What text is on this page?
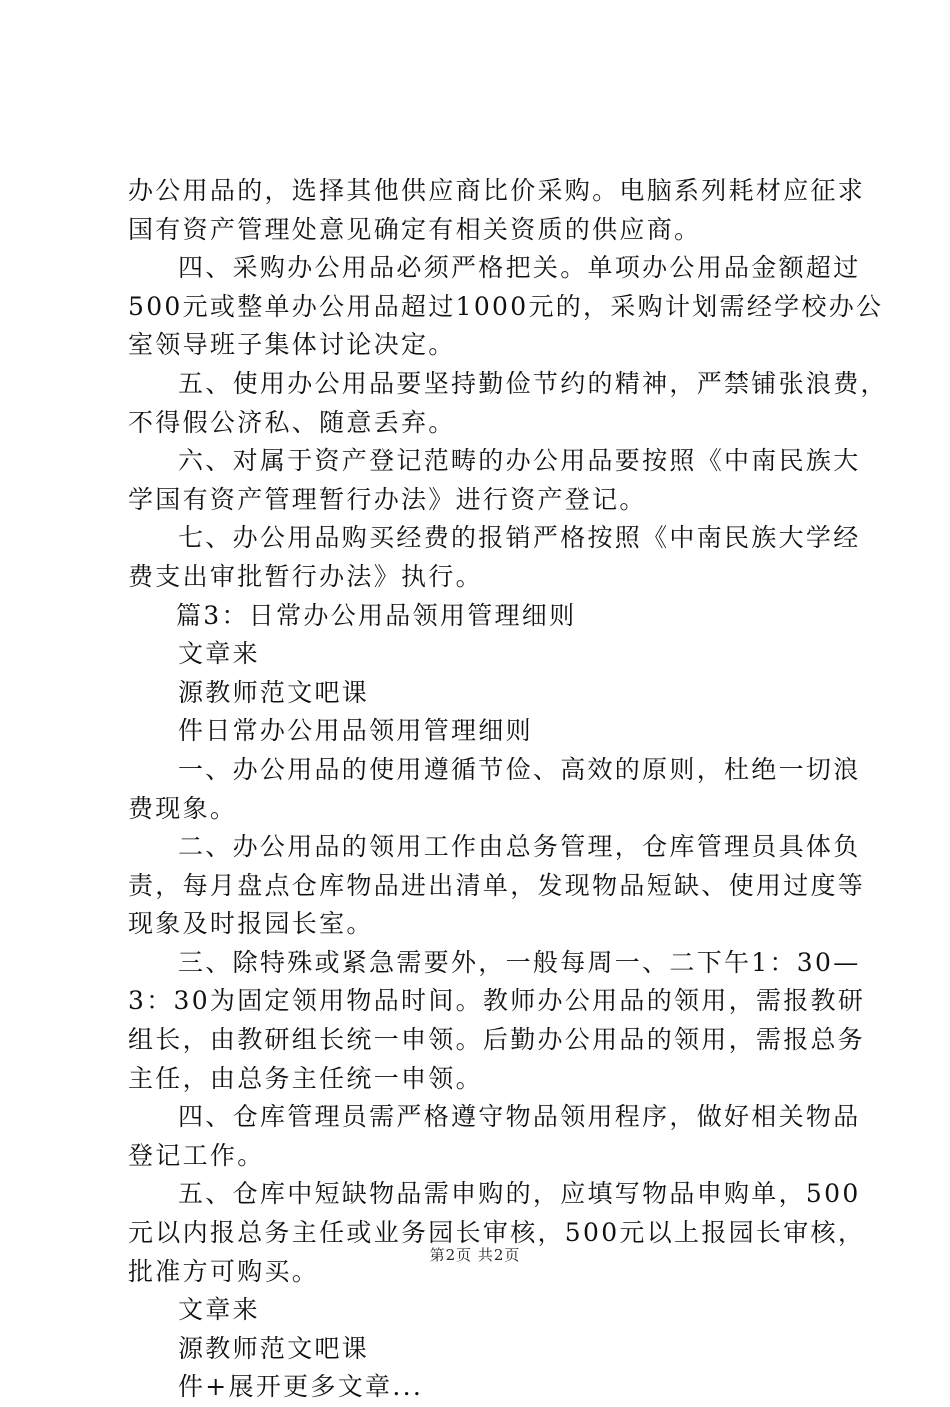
办公用品的，选择其他供应商比价采购。电脑系列耗材应征求
国有资产管理处意见确定有相关资质的供应商。
四、采购办公用品必须严格把关。单项办公用品金额超过
500元或整单办公用品超过1000元的，采购计划需经学校办公
室领导班子集体讨论决定。
五、使用办公用品要坚持勤俭节约的精神，严禁铺张浪费，
不得假公济私、随意丢弃。
六、对属于资产登记范畴的办公用品要按照《中南民族大
学国有资产管理暂行办法》进行资产登记。
七、办公用品购买经费的报销严格按照《中南民族大学经
费支出审批暂行办法》执行。
篇3：日常办公用品领用管理细则
文章来
源教师范文吧课
件日常办公用品领用管理细则
一、办公用品的使用遵循节俭、高效的原则，杜绝一切浪
费现象。
二、办公用品的领用工作由总务管理，仓库管理员具体负
责，每月盘点仓库物品进出清单，发现物品短缺、使用过度等
现象及时报园长室。
三、除特殊或紧急需要外，一般每周一、二下午1：30—
3：30为固定领用物品时间。教师办公用品的领用，需报教研
组长，由教研组长统一申领。后勤办公用品的领用，需报总务
主任，由总务主任统一申领。
四、仓库管理员需严格遵守物品领用程序，做好相关物品
登记工作。
五、仓库中短缺物品需申购的，应填写物品申购单，500
元以内报总务主任或业务园长审核，500元以上报园长审核，
批准方可购买。
文章来
源教师范文吧课
件+展开更多文章...
第2页 共2页
